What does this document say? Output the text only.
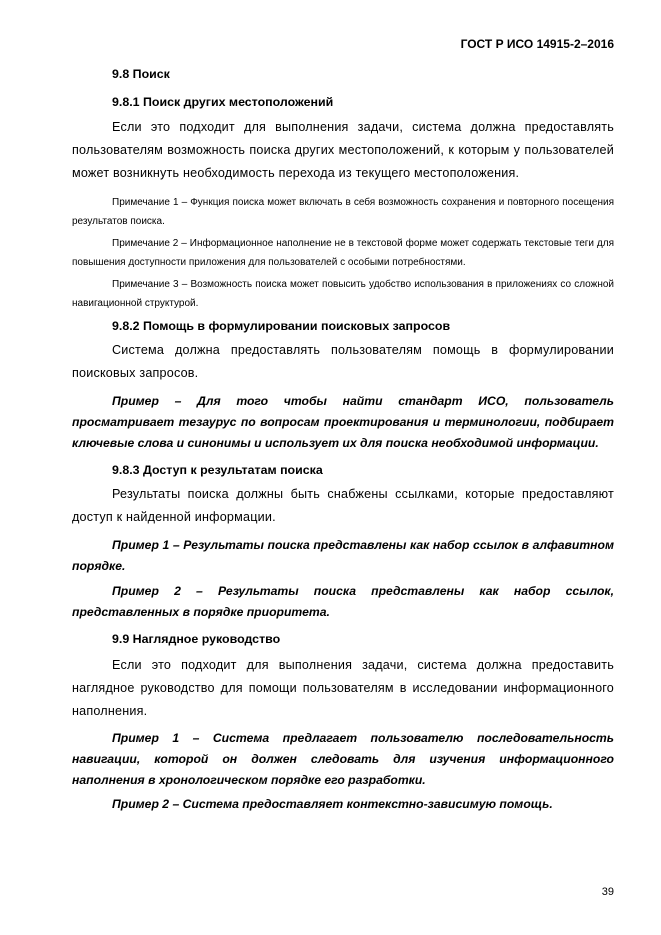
ГОСТ Р ИСО 14915-2–2016
9.8 Поиск
9.8.1 Поиск других местоположений

Если это подходит для выполнения задачи, система должна предоставлять пользователям возможность поиска других местоположений, к которым у пользователей может возникнуть необходимость перехода из текущего местоположения.

Примечание 1 – Функция поиска может включать в себя возможность сохранения и повторного посещения результатов поиска.

Примечание 2 – Информационное наполнение не в текстовой форме может содержать текстовые теги для повышения доступности приложения для пользователей с особыми потребностями.

Примечание 3 – Возможность поиска может повысить удобство использования в приложениях со сложной навигационной структурой.

9.8.2 Помощь в формулировании поисковых запросов

Система должна предоставлять пользователям помощь в формулировании поисковых запросов.

Пример – Для того чтобы найти стандарт ИСО, пользователь просматривает тезаурус по вопросам проектирования и терминологии, подбирает ключевые слова и синонимы и использует их для поиска необходимой информации.

9.8.3 Доступ к результатам поиска

Результаты поиска должны быть снабжены ссылками, которые предоставляют доступ к найденной информации.

Пример 1 – Результаты поиска представлены как набор ссылок в алфавитном порядке.

Пример 2 – Результаты поиска представлены как набор ссылок, представленных в порядке приоритета.

9.9 Наглядное руководство

Если это подходит для выполнения задачи, система должна предоставить наглядное руководство для помощи пользователям в исследовании информационного наполнения.

Пример 1 – Система предлагает пользователю последовательность навигации, которой он должен следовать для изучения информационного наполнения в хронологическом порядке его разработки.

Пример 2 – Система предоставляет контекстно-зависимую помощь.

39
